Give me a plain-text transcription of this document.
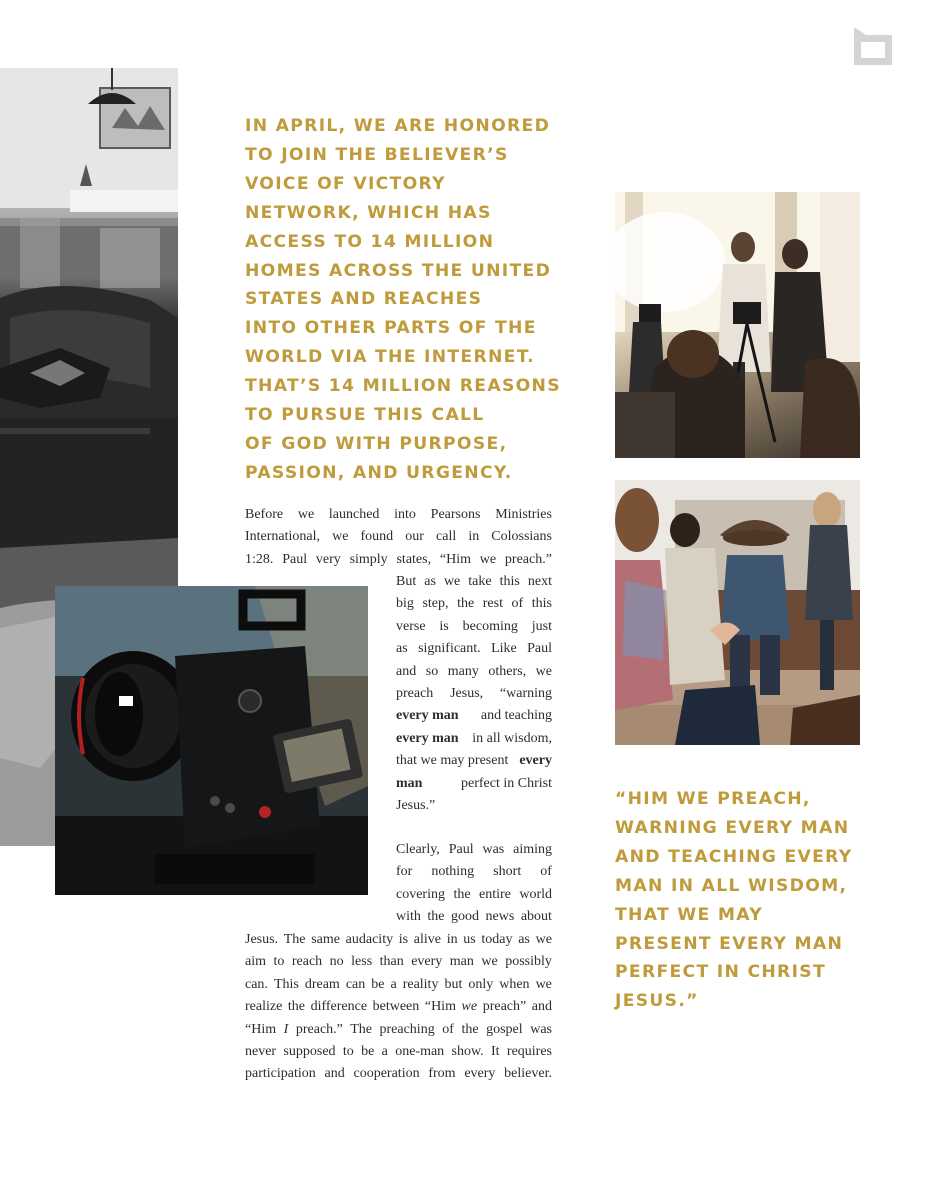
IN APRIL, WE ARE HONORED
TO JOIN THE BELIEVER’S
VOICE OF VICTORY
NETWORK, WHICH HAS
ACCESS TO 14 MILLION
HOMES ACROSS THE UNITED
STATES AND REACHES
INTO OTHER PARTS OF THE
WORLD VIA THE INTERNET.
THAT’S 14 MILLION REASONS
TO PURSUE THIS CALL
OF GOD WITH PURPOSE,
PASSION, AND URGENCY.
Before we launched into Pearsons Ministries
International, we found our call in Colossians
1:28. Paul very simply states, “Him we preach.”
But as we take this next
big step, the rest of this
verse is becoming just
as significant. Like Paul
and so many others, we
preach Jesus, “warning
every man and teaching
every man in all wisdom,
that we may present every
man	perfect in Christ
Jesus.”
Clearly, Paul was aiming
for nothing short of
covering the entire world
with the good news about
Jesus. The same audacity is alive in us today as we
aim to reach no less than every man we possibly
can. This dream can be a reality but only when we
realize the difference between “Him we preach” and
“Him I preach.” The preaching of the gospel was
never supposed to be a one-man show. It requires
participation and cooperation from every believer.
“HIM WE PREACH,
WARNING EVERY MAN
AND TEACHING EVERY
MAN IN ALL WISDOM,
THAT WE MAY
PRESENT EVERY MAN
PERFECT IN CHRIST
JESUS.”
